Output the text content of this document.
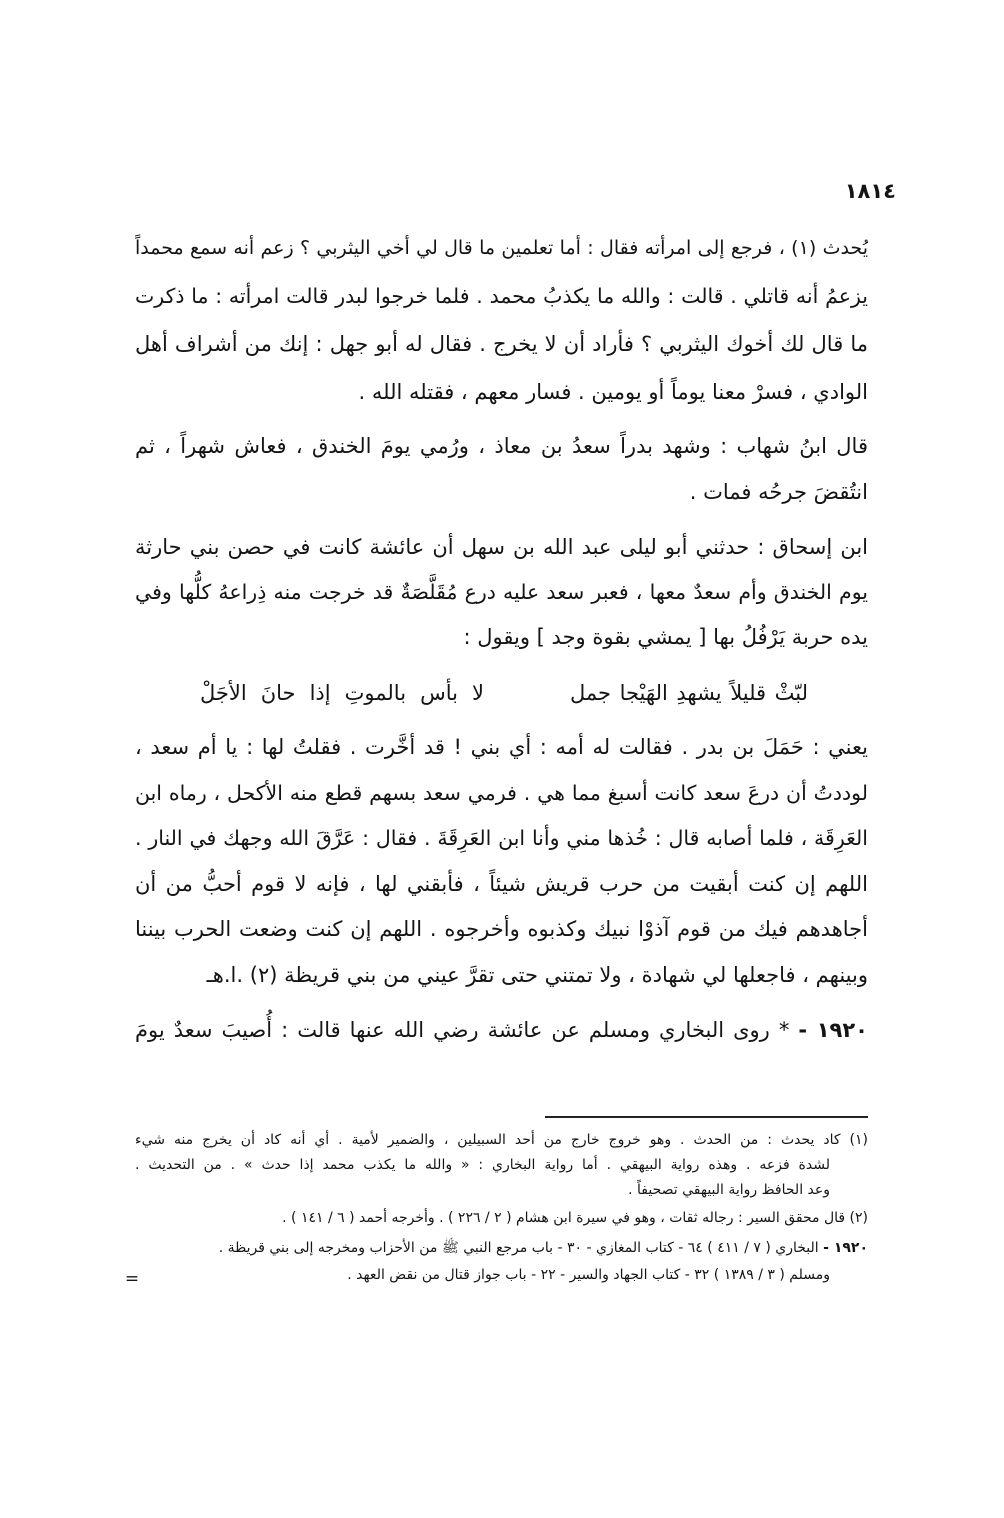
١٨١٤
يُحدث (١) ، فرجع إلى امرأته فقال : أما تعلمين ما قال لي أخي اليثربي ؟ زعم أنه سمع محمداً
يزعمُ أنه قاتلي . قالت : والله ما يكذبُ محمد . فلما خرجوا لبدر قالت امرأته : ما ذكرت
ما قال لك أخوك اليثربي ؟ فأراد أن لا يخرج . فقال له أبو جهل : إنك من أشراف أهل
الوادي ، فسرْ معنا يوماً أو يومين . فسار معهم ، فقتله الله .
قال ابنُ شهاب : وشهد بدراً سعدُ بن معاذ ، ورُمي يومَ الخندق ، فعاش شهراً ، ثم
انتُقضَ جرحُه فمات .
ابن إسحاق : حدثني أبو ليلى عبد الله بن سهل أن عائشة كانت في حصن بني حارثة
يوم الخندق وأم سعدٌ معها ، فعبر سعد عليه درع مُقَلَّصَةٌ قد خرجت منه ذِراعهُ كلُّها وفي
يده حربة يَرْفُلُ بها [ يمشي بقوة وجد ] ويقول :
لبّثْ قليلاً يشهدِ الهَيْجا جمل
لا بأس بالموتِ إذا حانَ الأجَلْ
يعني : حَمَلَ بن بدر . فقالت له أمه : أي بني ! قد أخَّرت . فقلتُ لها : يا أم سعد ،
لوددتُ أن درعَ سعد كانت أسبغ مما هي . فرمي سعد بسهم قطع منه الأكحل ، رماه ابن
العَرِقَة ، فلما أصابه قال : خُذها مني وأنا ابن العَرِقَةَ . فقال : عَرَّقَ الله وجهك في النار .
اللهم إن كنت أبقيت من حرب قريش شيئاً ، فأبقني لها ، فإنه لا قوم أحبُّ من أن
أجاهدهم فيك من قوم آذوْا نبيك وكذبوه وأخرجوه . اللهم إن كنت وضعت الحرب بيننا
وبينهم ، فاجعلها لي شهادة ، ولا تمتني حتى تقرَّ عيني من بني قريظة (٢) .ا.هـ
١٩٢٠ - * روى البخاري ومسلم عن عائشة رضي الله عنها قالت : أُصيبَ سعدٌ يومَ
(١) كاد يحدث : من الحدث . وهو خروج خارج من أحد السبيلين ، والضمير لأمية . أي أنه كاد أن يخرج منه شيء
لشدة فزعه . وهذه رواية البيهقي . أما رواية البخاري : « والله ما يكذب محمد إذا حدث » . من التحديث .
وعد الحافظ رواية البيهقي تصحيفاً .
(٢) قال محقق السير : رجاله ثقات ، وهو في سيرة ابن هشام ( ٢ / ٢٢٦ ) . وأخرجه أحمد ( ٦ / ١٤١ ) .
١٩٢٠ - البخاري ( ٧ / ٤١١ ) ٦٤ - كتاب المغازي - ٣٠ - باب مرجع النبي ﷺ من الأحزاب ومخرجه إلى بني قريظة .
ومسلم ( ٣ / ١٣٨٩ ) ٣٢ - كتاب الجهاد والسير - ٢٢ - باب جواز قتال من نقض العهد .
=
